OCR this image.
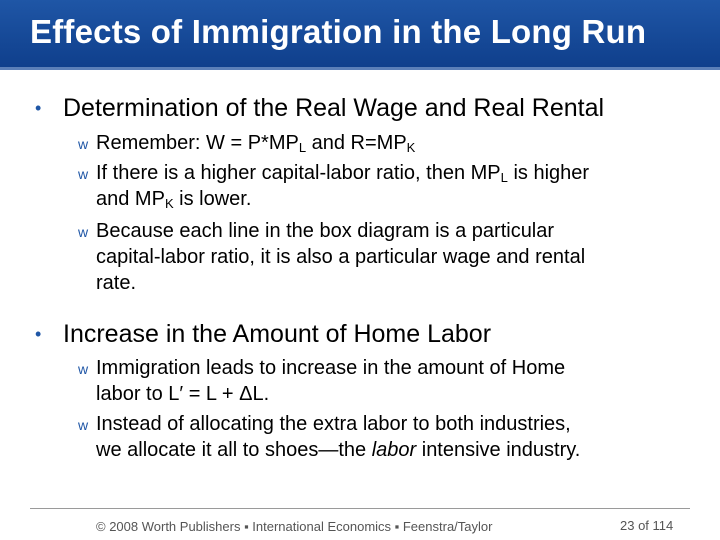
Effects of Immigration in the Long Run
• Determination of the Real Wage and Real Rental
w Remember: $W = P*MP_L$ and $R=MP_K$
w If there is a higher capital-labor ratio, then $MP_L$ is higher
and $MP_K$ is lower.
w Because each line in the box diagram is a particular
capital-labor ratio, it is also a particular wage and rental
rate.
• Increase in the Amount of Home Labor
w Immigration leads to increase in the amount of Home
labor to L′ = L + ΔL.
w Instead of allocating the extra labor to both industries,
we allocate it all to shoes—the labor intensive industry.
© 2008 Worth Publishers ▪ International Economics ▪ Feenstra/Taylor	23 of 114
